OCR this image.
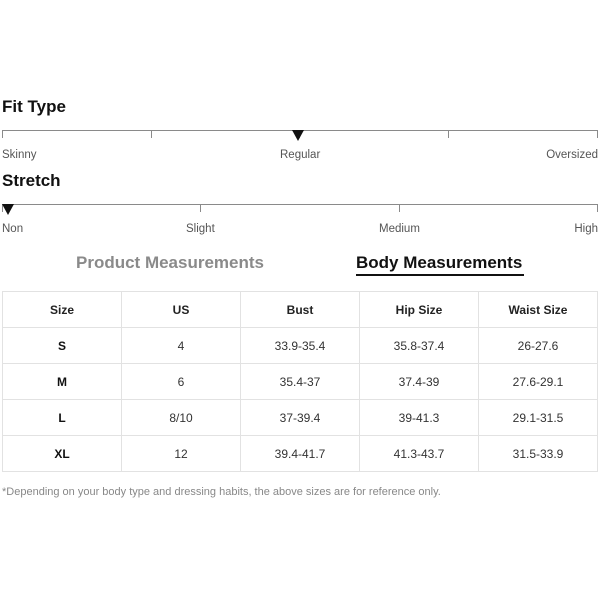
Fit Type
Skinny	Regular	Oversized
Stretch
Non	Slight	Medium	High
Product Measurements	Body Measurements
Size	US	Bust	Hip Size	Waist Size
S	4	33.9-35.4	35.8-37.4	26-27.6
M	6	35.4-37	37.4-39	27.6-29.1
L	8/10	37-39.4	39-41.3	29.1-31.5
XL	12	39.4-41.7	41.3-43.7	31.5-33.9
*Depending on your body type and dressing habits, the above sizes are for reference only.
